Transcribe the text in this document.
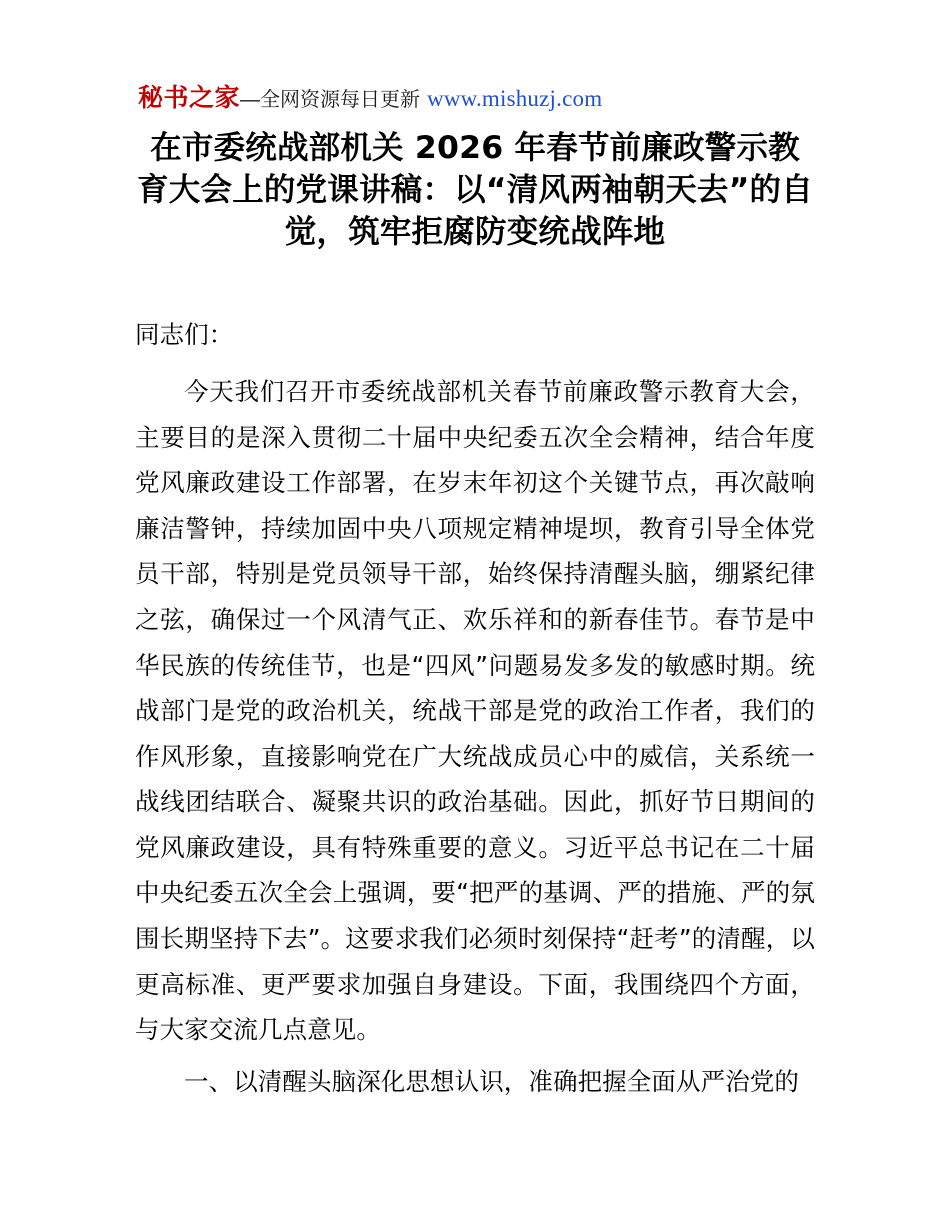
秘书之家 — 全网资源每日更新 www.mishuzj.com
在市委统战部机关 2026 年春节前廉政警示教育大会上的党课讲稿：以“清风两袖朝天去”的自觉，筑牢拒腐防变统战阵地

同志们：

今天我们召开市委统战部机关春节前廉政警示教育大会，主要目的是深入贯彻二十届中央纪委五次全会精神，结合年度党风廉政建设工作部署，在岁末年初这个关键节点，再次敲响廉洁警钟，持续加固中央八项规定精神堤坝，教育引导全体党员干部，特别是党员领导干部，始终保持清醒头脑，绷紧纪律之弦，确保过一个风清气正、欢乐祥和的新春佳节。春节是中华民族的传统佳节，也是“四风”问题易发多发的敏感时期。统战部门是党的政治机关，统战干部是党的政治工作者，我们的作风形象，直接影响党在广大统战成员心中的威信，关系统一战线团结联合、凝聚共识的政治基础。因此，抓好节日期间的党风廉政建设，具有特殊重要的意义。习近平总书记在二十届中央纪委五次全会上强调，要“把严的基调、严的措施、严的氛围长期坚持下去”。这要求我们必须时刻保持“赶考”的清醒，以更高标准、更严要求加强自身建设。下面，我围绕四个方面，与大家交流几点意见。

一、以清醒头脑深化思想认识，准确把握全面从严治党的
